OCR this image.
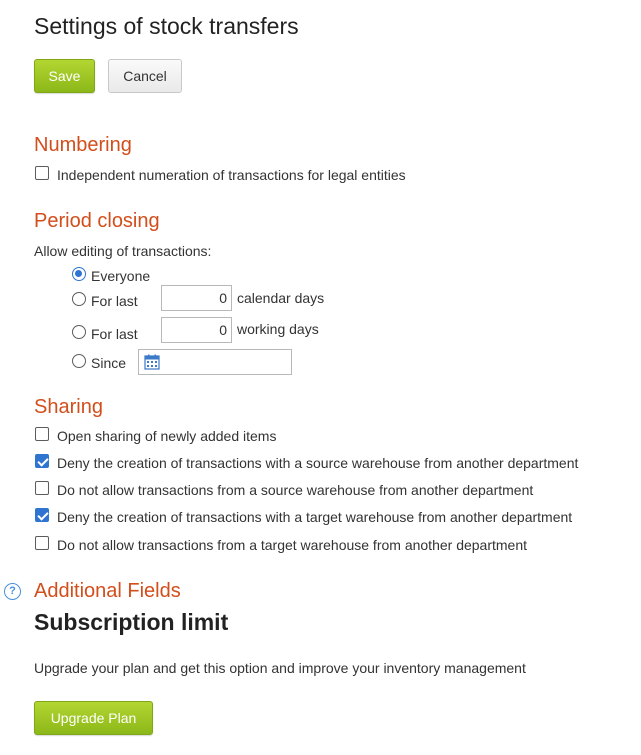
Settings of stock transfers
Save	Cancel
Numbering
Independent numeration of transactions for legal entities
Period closing
Allow editing of transactions:
Everyone
For last
0	calendar days
For last
0	working days
Since
Sharing
Open sharing of newly added items
Deny the creation of transactions with a source warehouse from another department
Do not allow transactions from a source warehouse from another department
Deny the creation of transactions with a target warehouse from another department
Do not allow transactions from a target warehouse from another department
? Additional Fields
Subscription limit
Upgrade your plan and get this option and improve your inventory management
Upgrade Plan
